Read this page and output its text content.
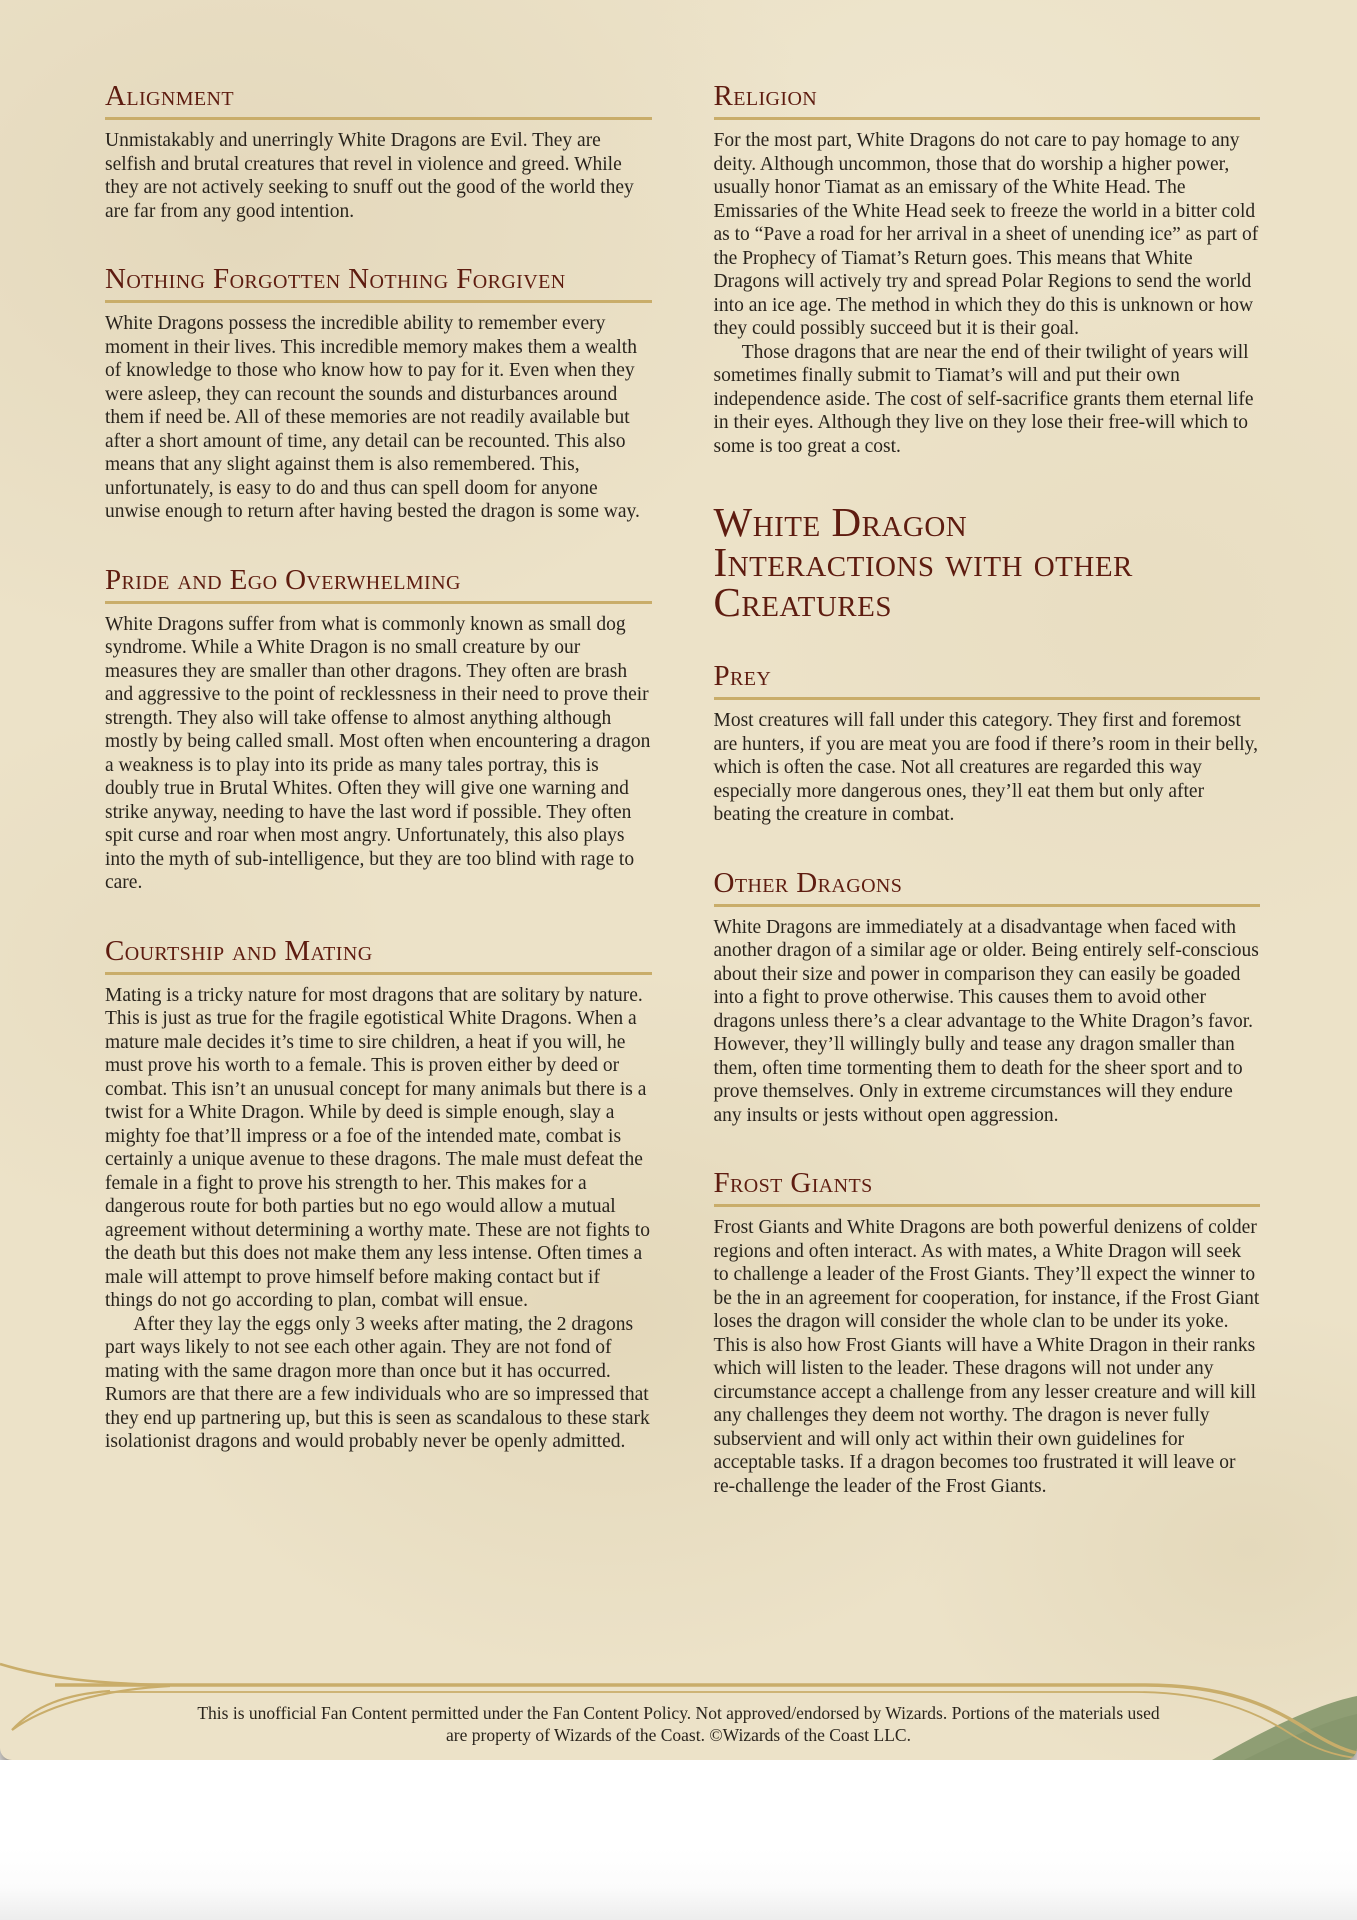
Alignment

Unmistakably and unerringly White Dragons are Evil. They are selfish and brutal creatures that revel in violence and greed. While they are not actively seeking to snuff out the good of the world they are far from any good intention.

Nothing Forgotten Nothing Forgiven

White Dragons possess the incredible ability to remember every moment in their lives. This incredible memory makes them a wealth of knowledge to those who know how to pay for it. Even when they were asleep, they can recount the sounds and disturbances around them if need be. All of these memories are not readily available but after a short amount of time, any detail can be recounted. This also means that any slight against them is also remembered. This, unfortunately, is easy to do and thus can spell doom for anyone unwise enough to return after having bested the dragon is some way.

Pride and Ego Overwhelming

White Dragons suffer from what is commonly known as small dog syndrome. While a White Dragon is no small creature by our measures they are smaller than other dragons. They often are brash and aggressive to the point of recklessness in their need to prove their strength. They also will take offense to almost anything although mostly by being called small. Most often when encountering a dragon a weakness is to play into its pride as many tales portray, this is doubly true in Brutal Whites. Often they will give one warning and strike anyway, needing to have the last word if possible. They often spit curse and roar when most angry. Unfortunately, this also plays into the myth of sub-intelligence, but they are too blind with rage to care.

Courtship and Mating

Mating is a tricky nature for most dragons that are solitary by nature. This is just as true for the fragile egotistical White Dragons. When a mature male decides it’s time to sire children, a heat if you will, he must prove his worth to a female. This is proven either by deed or combat. This isn’t an unusual concept for many animals but there is a twist for a White Dragon. While by deed is simple enough, slay a mighty foe that’ll impress or a foe of the intended mate, combat is certainly a unique avenue to these dragons. The male must defeat the female in a fight to prove his strength to her. This makes for a dangerous route for both parties but no ego would allow a mutual agreement without determining a worthy mate. These are not fights to the death but this does not make them any less intense. Often times a male will attempt to prove himself before making contact but if things do not go according to plan, combat will ensue.

After they lay the eggs only 3 weeks after mating, the 2 dragons part ways likely to not see each other again. They are not fond of mating with the same dragon more than once but it has occurred. Rumors are that there are a few individuals who are so impressed that they end up partnering up, but this is seen as scandalous to these stark isolationist dragons and would probably never be openly admitted.

Religion

For the most part, White Dragons do not care to pay homage to any deity. Although uncommon, those that do worship a higher power, usually honor Tiamat as an emissary of the White Head. The Emissaries of the White Head seek to freeze the world in a bitter cold as to “Pave a road for her arrival in a sheet of unending ice” as part of the Prophecy of Tiamat’s Return goes. This means that White Dragons will actively try and spread Polar Regions to send the world into an ice age. The method in which they do this is unknown or how they could possibly succeed but it is their goal.

Those dragons that are near the end of their twilight of years will sometimes finally submit to Tiamat’s will and put their own independence aside. The cost of self-sacrifice grants them eternal life in their eyes. Although they live on they lose their free-will which to some is too great a cost.

White Dragon Interactions with other Creatures
Prey

Most creatures will fall under this category. They first and foremost are hunters, if you are meat you are food if there’s room in their belly, which is often the case. Not all creatures are regarded this way especially more dangerous ones, they’ll eat them but only after beating the creature in combat.

Other Dragons

White Dragons are immediately at a disadvantage when faced with another dragon of a similar age or older. Being entirely self-conscious about their size and power in comparison they can easily be goaded into a fight to prove otherwise. This causes them to avoid other dragons unless there’s a clear advantage to the White Dragon’s favor. However, they’ll willingly bully and tease any dragon smaller than them, often time tormenting them to death for the sheer sport and to prove themselves. Only in extreme circumstances will they endure any insults or jests without open aggression.

Frost Giants

Frost Giants and White Dragons are both powerful denizens of colder regions and often interact. As with mates, a White Dragon will seek to challenge a leader of the Frost Giants. They’ll expect the winner to be the in an agreement for cooperation, for instance, if the Frost Giant loses the dragon will consider the whole clan to be under its yoke. This is also how Frost Giants will have a White Dragon in their ranks which will listen to the leader. These dragons will not under any circumstance accept a challenge from any lesser creature and will kill any challenges they deem not worthy. The dragon is never fully subservient and will only act within their own guidelines for acceptable tasks. If a dragon becomes too frustrated it will leave or re-challenge the leader of the Frost Giants.

This is unofficial Fan Content permitted under the Fan Content Policy. Not approved/endorsed by Wizards. Portions of the materials used
are property of Wizards of the Coast. ©Wizards of the Coast LLC.
